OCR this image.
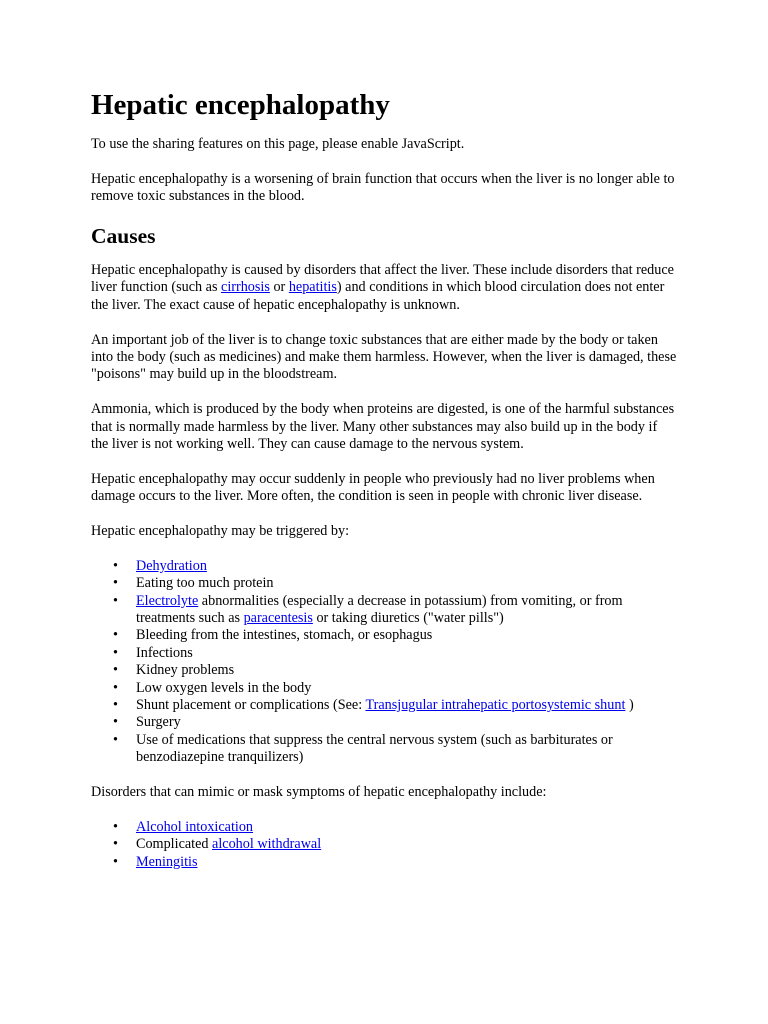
Hepatic encephalopathy

To use the sharing features on this page, please enable JavaScript.

Hepatic encephalopathy is a worsening of brain function that occurs when the liver is no longer able to remove toxic substances in the blood.

Causes

Hepatic encephalopathy is caused by disorders that affect the liver. These include disorders that reduce liver function (such as cirrhosis or hepatitis) and conditions in which blood circulation does not enter the liver. The exact cause of hepatic encephalopathy is unknown.

An important job of the liver is to change toxic substances that are either made by the body or taken into the body (such as medicines) and make them harmless. However, when the liver is damaged, these "poisons" may build up in the bloodstream.

Ammonia, which is produced by the body when proteins are digested, is one of the harmful substances that is normally made harmless by the liver. Many other substances may also build up in the body if the liver is not working well. They can cause damage to the nervous system.

Hepatic encephalopathy may occur suddenly in people who previously had no liver problems when damage occurs to the liver. More often, the condition is seen in people with chronic liver disease.

Hepatic encephalopathy may be triggered by:

• Dehydration
• Eating too much protein
• Electrolyte abnormalities (especially a decrease in potassium) from vomiting, or from treatments such as paracentesis or taking diuretics ("water pills")
• Bleeding from the intestines, stomach, or esophagus
• Infections
• Kidney problems
• Low oxygen levels in the body
• Shunt placement or complications (See: Transjugular intrahepatic portosystemic shunt )
• Surgery
• Use of medications that suppress the central nervous system (such as barbiturates or benzodiazepine tranquilizers)

Disorders that can mimic or mask symptoms of hepatic encephalopathy include:

• Alcohol intoxication
• Complicated alcohol withdrawal
• Meningitis
